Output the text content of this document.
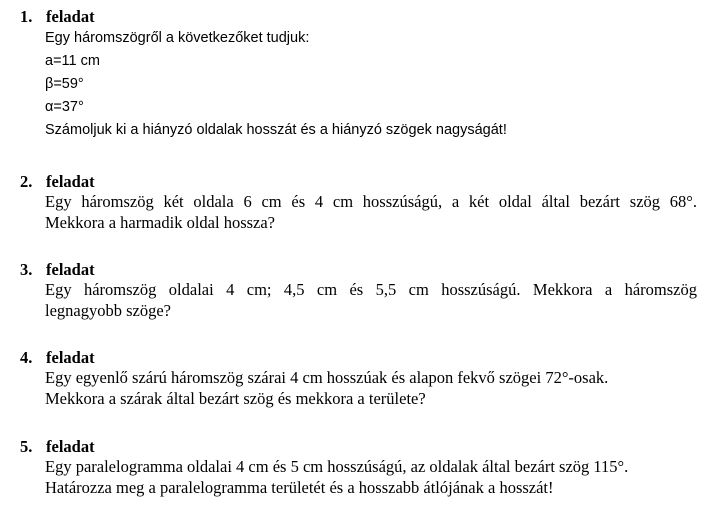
1. feladat
Egy háromszögről a következőket tudjuk:
a=11 cm
β=59°
α=37°
Számoljuk ki a hiányzó oldalak hosszát és a hiányzó szögek nagyságát!
2. feladat
Egy háromszög két oldala 6 cm és 4 cm hosszúságú, a két oldal által bezárt szög 68°.
Mekkora a harmadik oldal hossza?
3. feladat
Egy háromszög oldalai 4 cm; 4,5 cm és 5,5 cm hosszúságú. Mekkora a háromszög
legnagyobb szöge?
4. feladat
Egy egyenlő szárú háromszög szárai 4 cm hosszúak és alapon fekvő szögei 72°-osak.
Mekkora a szárak által bezárt szög és mekkora a területe?
5. feladat
Egy paralelogramma oldalai 4 cm és 5 cm hosszúságú, az oldalak által bezárt szög 115°.
Határozza meg a paralelogramma területét és a hosszabb átlójának a hosszát!
